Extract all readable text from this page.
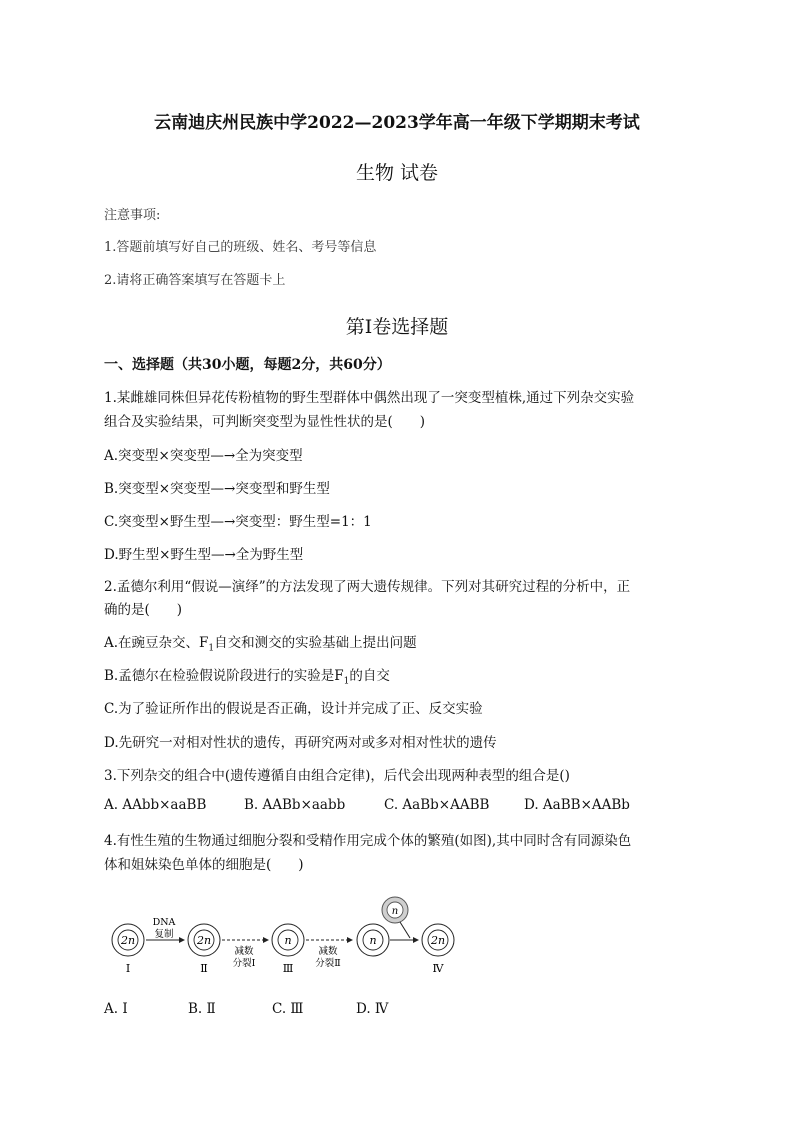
云南迪庆州民族中学2022—2023学年高一年级下学期期末考试
生物 试卷
注意事项:
1.答题前填写好自己的班级、姓名、考号等信息
2.请将正确答案填写在答题卡上
第Ⅰ卷选择题
一、选择题（共30小题，每题2分，共60分）
1.某雌雄同株但异花传粉植物的野生型群体中偶然出现了一突变型植株,通过下列杂交实验
组合及实验结果，可判断突变型为显性性状的是(　　)
A.突变型×突变型—→全为突变型
B.突变型×突变型—→突变型和野生型
C.突变型×野生型—→突变型：野生型=1：1
D.野生型×野生型—→全为野生型
2.孟德尔利用“假说—演绎”的方法发现了两大遗传规律。下列对其研究过程的分析中，正
确的是(　　)
A.在豌豆杂交、$F_1$自交和测交的实验基础上提出问题
B.孟德尔在检验假说阶段进行的实验是$F_1$的自交
C.为了验证所作出的假说是否正确，设计并完成了正、反交实验
D.先研究一对相对性状的遗传，再研究两对或多对相对性状的遗传
3.下列杂交的组合中(遗传遵循自由组合定律)，后代会出现两种表型的组合是()
A. AAbb×aaBB	B. AABb×aabb	C. AaBb×AABB	D. AaBB×AABb
4.有性生殖的生物通过细胞分裂和受精作用完成个体的繁殖(如图),其中同时含有同源染色
体和姐妹染色单体的细胞是(　　)
2n
Ⅰ
DNA
复制 2n
Ⅱ
减数
分裂Ⅰ
n
Ⅲ
减数
分裂Ⅱ
n
n
2n
Ⅳ
A. Ⅰ	B. Ⅱ	C. Ⅲ	D. Ⅳ
